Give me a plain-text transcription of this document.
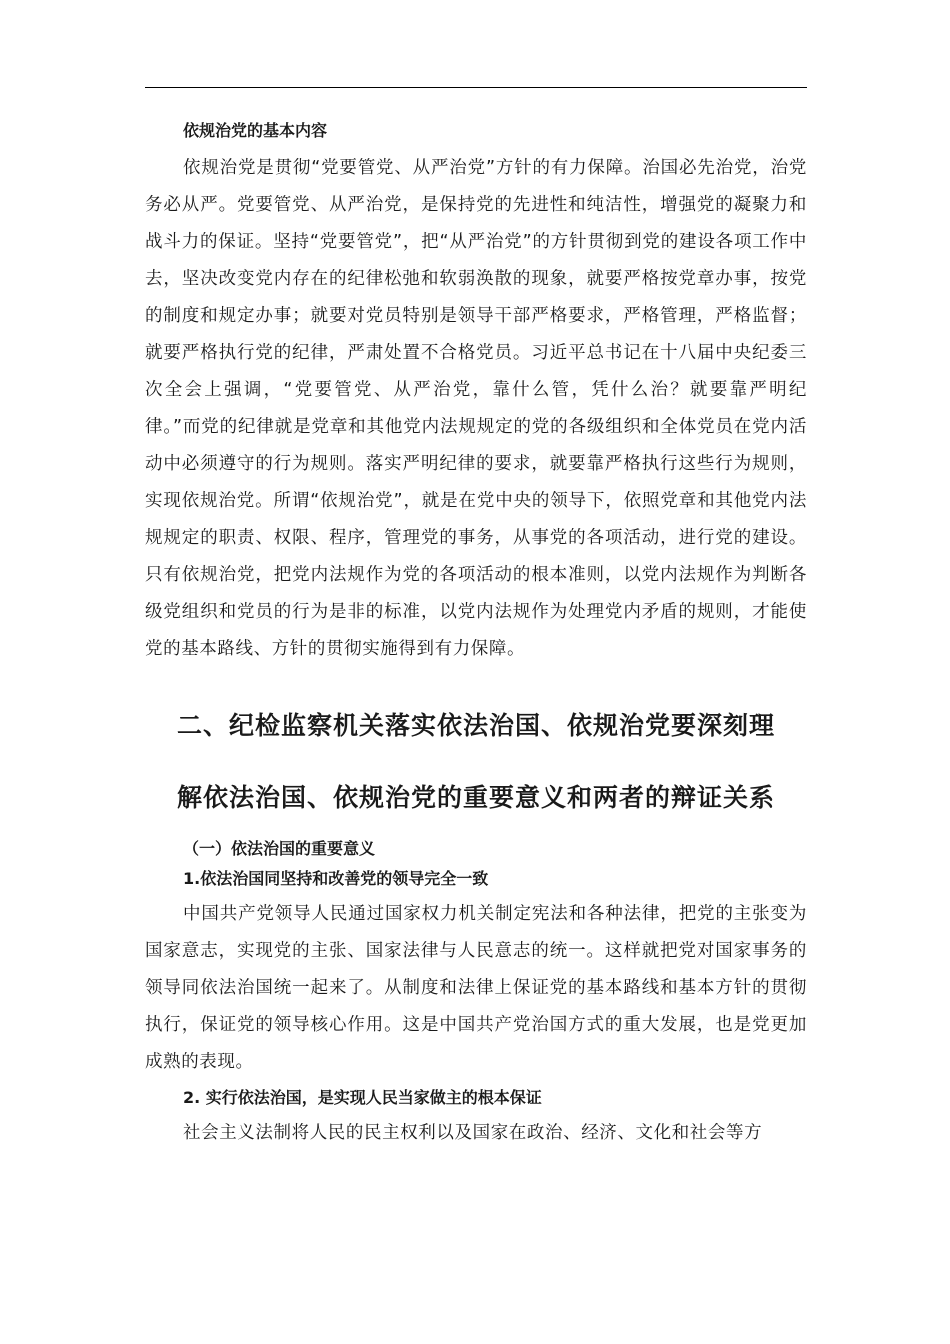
依规治党的基本内容

依规治党是贯彻“党要管党、从严治党”方针的有力保障。治国必先治党，治党务必从严。党要管党、从严治党，是保持党的先进性和纯洁性，增强党的凝聚力和战斗力的保证。坚持“党要管党”，把“从严治党”的方针贯彻到党的建设各项工作中去，坚决改变党内存在的纪律松弛和软弱涣散的现象，就要严格按党章办事，按党的制度和规定办事；就要对党员特别是领导干部严格要求，严格管理，严格监督；就要严格执行党的纪律，严肃处置不合格党员。习近平总书记在十八届中央纪委三次全会上强调，“党要管党、从严治党，靠什么管，凭什么治？就要靠严明纪律。”而党的纪律就是党章和其他党内法规规定的党的各级组织和全体党员在党内活动中必须遵守的行为规则。落实严明纪律的要求，就要靠严格执行这些行为规则，实现依规治党。所谓“依规治党”，就是在党中央的领导下，依照党章和其他党内法规规定的职责、权限、程序，管理党的事务，从事党的各项活动，进行党的建设。只有依规治党，把党内法规作为党的各项活动的根本准则，以党内法规作为判断各级党组织和党员的行为是非的标准，以党内法规作为处理党内矛盾的规则，才能使党的基本路线、方针的贯彻实施得到有力保障。

二、纪检监察机关落实依法治国、依规治党要深刻理

解依法治国、依规治党的重要意义和两者的辩证关系

（一）依法治国的重要意义

1.依法治国同坚持和改善党的领导完全一致

中国共产党领导人民通过国家权力机关制定宪法和各种法律，把党的主张变为国家意志，实现党的主张、国家法律与人民意志的统一。这样就把党对国家事务的领导同依法治国统一起来了。从制度和法律上保证党的基本路线和基本方针的贯彻执行，保证党的领导核心作用。这是中国共产党治国方式的重大发展，也是党更加成熟的表现。

2. 实行依法治国，是实现人民当家做主的根本保证

社会主义法制将人民的民主权利以及国家在政治、经济、文化和社会等方
